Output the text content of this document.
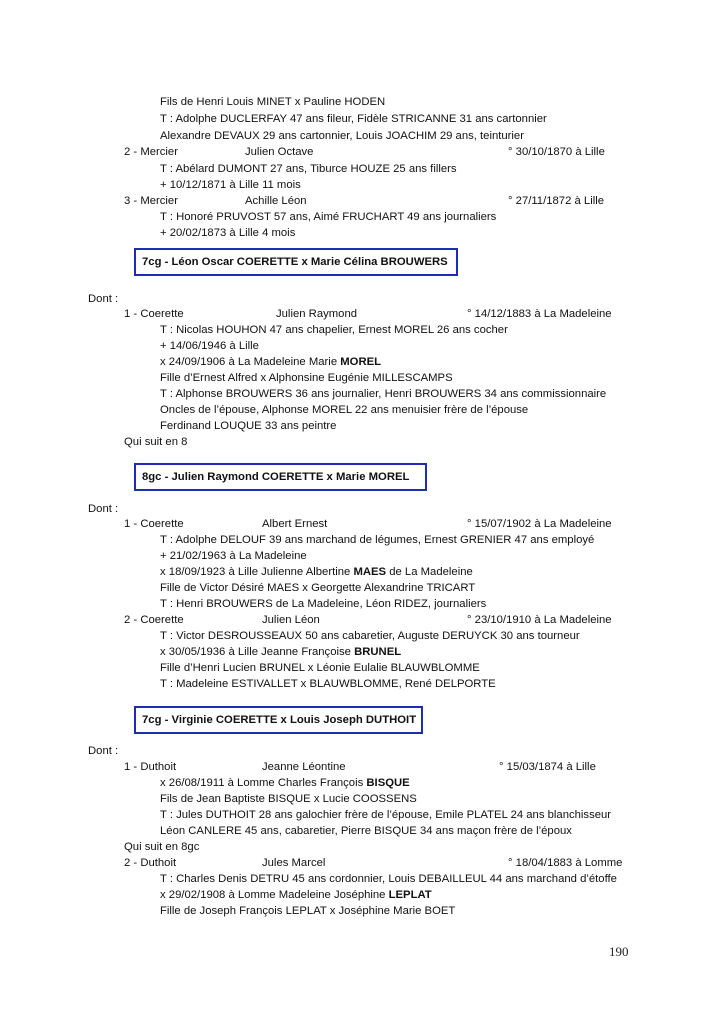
Fils de Henri Louis MINET x Pauline HODEN
T : Adolphe DUCLERFAY 47 ans fileur, Fidèle STRICANNE 31 ans cartonnier
Alexandre DEVAUX 29 ans cartonnier, Louis JOACHIM 29 ans, teinturier
2 - Mercier	Julien Octave	° 30/10/1870 à Lille
T : Abélard DUMONT 27 ans, Tiburce HOUZE 25 ans fillers
+ 10/12/1871 à Lille 11 mois
3 - Mercier	Achille Léon	° 27/11/1872 à Lille
T : Honoré PRUVOST 57 ans, Aimé FRUCHART 49 ans journaliers
+ 20/02/1873 à Lille 4 mois
7cg - Léon Oscar COERETTE x Marie Célina BROUWERS
Dont :
1 - Coerette	Julien Raymond	° 14/12/1883 à La Madeleine
T : Nicolas HOUHON 47 ans chapelier, Ernest MOREL 26 ans cocher
+ 14/06/1946 à Lille
x 24/09/1906 à La Madeleine Marie MOREL
Fille d’Ernest Alfred x Alphonsine Eugénie MILLESCAMPS
T : Alphonse BROUWERS 36 ans journalier, Henri BROUWERS 34 ans commissionnaire
Oncles de l’épouse, Alphonse MOREL 22 ans menuisier frère de l’épouse
Ferdinand LOUQUE 33 ans peintre
Qui suit en 8
8gc - Julien Raymond COERETTE x Marie MOREL
Dont :
1 - Coerette	Albert Ernest	° 15/07/1902 à La Madeleine
T : Adolphe DELOUF 39 ans marchand de légumes, Ernest GRENIER 47 ans employé
+ 21/02/1963 à La Madeleine
x 18/09/1923 à Lille Julienne Albertine MAES de La Madeleine
Fille de Victor Désiré MAES x Georgette Alexandrine TRICART
T : Henri BROUWERS de La Madeleine, Léon RIDEZ, journaliers
2 - Coerette	Julien Léon	° 23/10/1910 à La Madeleine
T : Victor DESROUSSEAUX 50 ans cabaretier, Auguste DERUYCK 30 ans tourneur
x 30/05/1936 à Lille Jeanne Françoise BRUNEL
Fille d’Henri Lucien BRUNEL x Léonie Eulalie BLAUWBLOMME
T : Madeleine ESTIVALLET x BLAUWBLOMME, René DELPORTE
7cg - Virginie COERETTE x Louis Joseph DUTHOIT
Dont :
1 - Duthoit	Jeanne Léontine	° 15/03/1874 à Lille
x 26/08/1911 à Lomme Charles François BISQUE
Fils de Jean Baptiste BISQUE x Lucie COOSSENS
T : Jules DUTHOIT 28 ans galochier frère de l’épouse, Emile PLATEL 24 ans blanchisseur
Léon CANLERE 45 ans, cabaretier, Pierre BISQUE 34 ans maçon frère de l’époux
Qui suit en 8gc
2 - Duthoit	Jules Marcel	° 18/04/1883 à Lomme
T : Charles Denis DETRU 45 ans cordonnier, Louis DEBAILLEUL 44 ans marchand d’étoffe
x 29/02/1908 à Lomme Madeleine Joséphine LEPLAT
Fille de Joseph François LEPLAT x Joséphine Marie BOET
190
